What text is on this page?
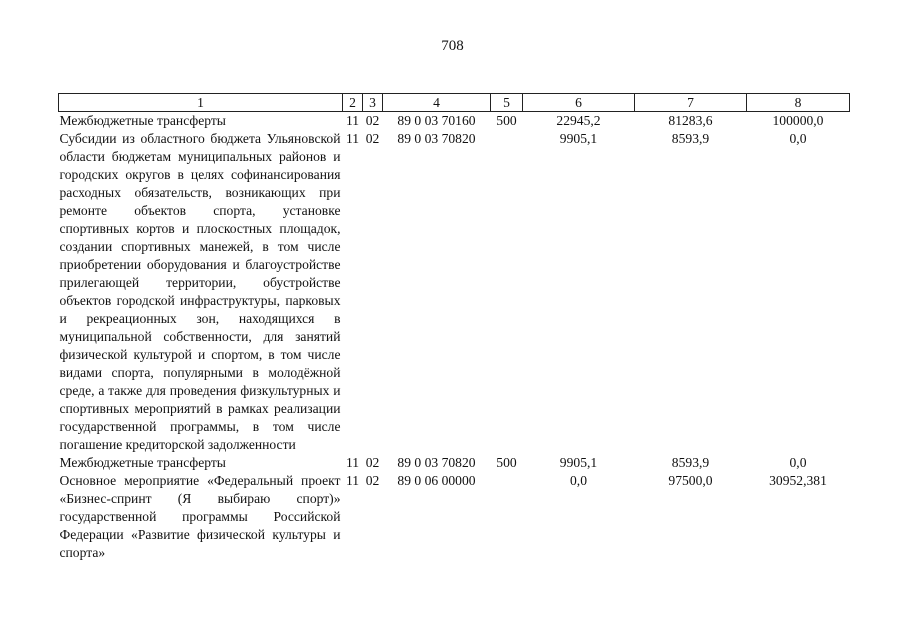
708
1	2	3	4	5	6	7	8
Межбюджетные трансферты	11	02	89 0 03 70160	500	22945,2	81283,6	100000,0
Субсидии из областного бюджета Ульяновской области бюджетам муниципальных районов и городских округов в целях софинансирования расходных обязательств, возникающих при ремонте объектов спорта, установке спортивных кортов и плоскостных площадок, создании спортивных манежей, в том числе приобретении оборудования и благоустройстве прилегающей территории, обустройстве объектов городской инфраструктуры, парковых и рекреационных зон, находящихся в муниципальной собственности, для занятий физической культурой и спортом, в том числе видами спорта, популярными в молодёжной среде, а также для проведения физкультурных и спортивных мероприятий в рамках реализации государственной программы, в том числе погашение кредиторской задолженности	11	02	89 0 03 70820		9905,1	8593,9	0,0
Межбюджетные трансферты	11	02	89 0 03 70820	500	9905,1	8593,9	0,0
Основное мероприятие «Федеральный проект «Бизнес-спринт (Я выбираю спорт)» государственной программы Российской Федерации «Развитие физической культуры и спорта»	11	02	89 0 06 00000		0,0	97500,0	30952,381
